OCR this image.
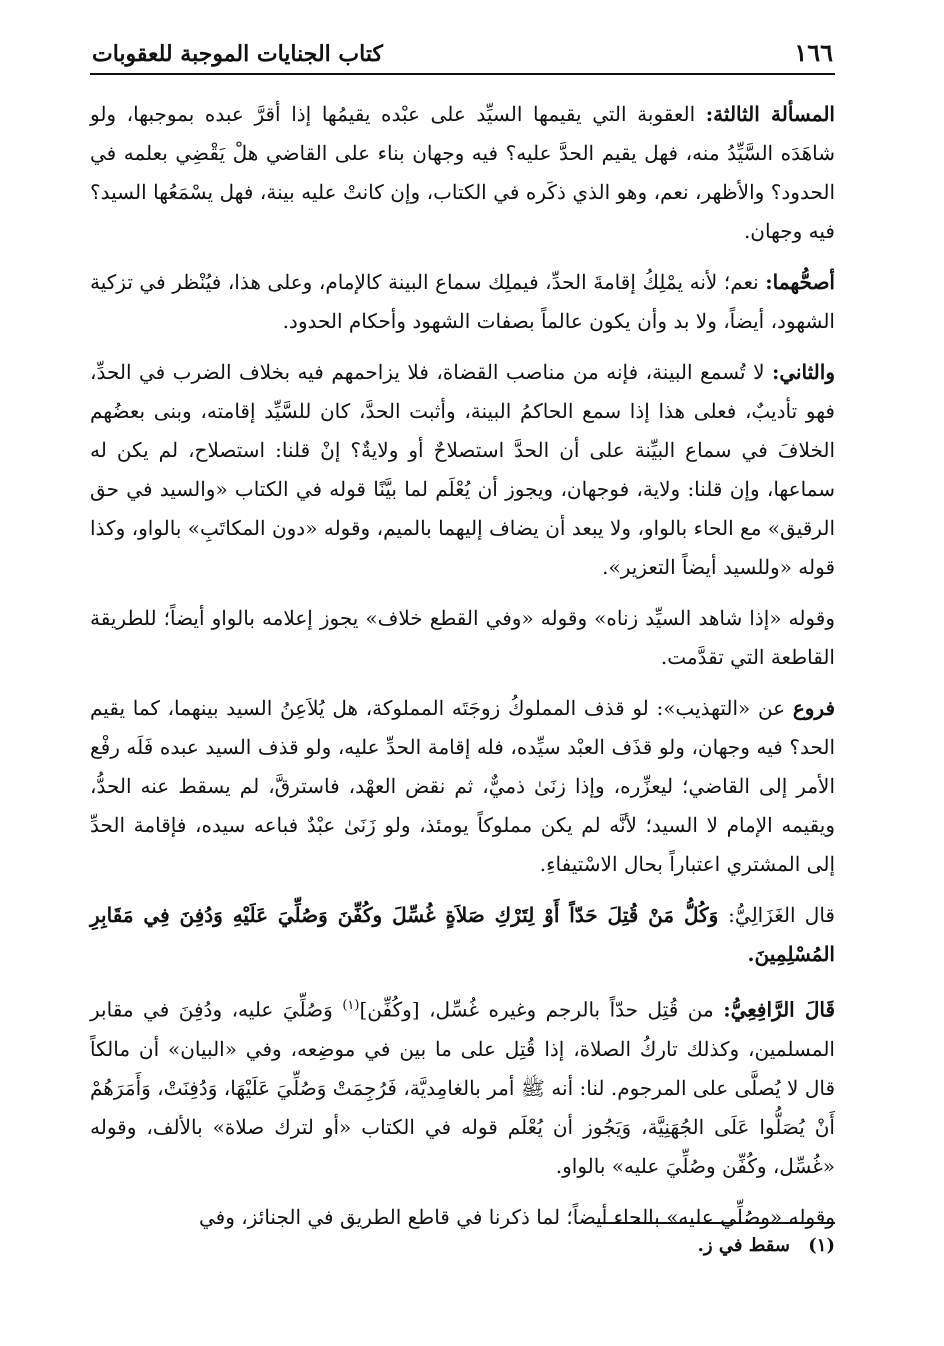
١٦٦
كتاب الجنايات الموجبة للعقوبات

المسألة الثالثة: العقوبة التي يقيمها السيِّد على عبْده يقيمُها إذا أقرَّ عبده بموجبها، ولو شاهَدَه السَّيِّدُ منه، فهل يقيم الحدَّ عليه؟ فيه وجهان بناء على القاضي هلْ يَقْضِي بعلمه في الحدود؟ والأظهر، نعم، وهو الذي ذكَره في الكتاب، وإن كانتْ عليه بينة، فهل يسْمَعُها السيد؟ فيه وجهان.

أصحُّهما: نعم؛ لأنه يمْلِكُ إقامةَ الحدِّ، فيملِك سماع البينة كالإمام، وعلى هذا، فيُنْظر في تزكية الشهود، أيضاً، ولا بد وأن يكون عالماً بصفات الشهود وأحكام الحدود.

والثاني: لا تُسمع البينة، فإنه من مناصب القضاة، فلا يزاحمهم فيه بخلاف الضرب في الحدِّ، فهو تأديبٌ، فعلى هذا إذا سمع الحاكمُ البينة، وأثبت الحدَّ، كان للسَّيِّد إقامته، وبنى بعضُهم الخلافَ في سماع البيِّنة على أن الحدَّ استصلاحٌ أو ولايةٌ؟ إنْ قلنا: استصلاح، لم يكن له سماعها، وإن قلنا: ولاية، فوجهان، ويجوز أن يُعْلَم لما بيَّنًا قوله في الكتاب «والسيد في حق الرقيق» مع الحاء بالواو، ولا يبعد أن يضاف إليهما بالميم، وقوله «دون المكاتَبِ» بالواو، وكذا قوله «وللسيد أيضاً التعزير».

وقوله «إذا شاهد السيِّد زناه» وقوله «وفي القطع خلاف» يجوز إعلامه بالواو أيضاً؛ للطريقة القاطعة التي تقدَّمت.

فروع عن «التهذيب»: لو قذف المملوكُ زوجَتَه المملوكة، هل يُلاَعِنُ السيد بينهما، كما يقيم الحد؟ فيه وجهان، ولو قذَف العبْد سيِّده، فله إقامة الحدِّ عليه، ولو قذف السيد عبده فَلَه رفْع الأمر إلى القاضي؛ ليعزِّره، وإذا زنَىٰ ذميٌّ، ثم نقض العهْد، فاسترقَّ، لم يسقط عنه الحدُّ، ويقيمه الإمام لا السيد؛ لأنَّه لم يكن مملوكاً يومئذ، ولو زَنَىٰ عبْدٌ فباعه سيده، فإقامة الحدِّ إلى المشتري اعتباراً بحال الاسْتيفاءِ.

قال الغَزَالِيُّ: وَكُلُّ مَنْ قُتِلَ حَدّاً أَوْ لِتَرْكِ صَلاَةٍ غُسِّلَ وكُفِّنَ وَصُلِّيَ عَلَيْهِ وَدُفِنَ فِي مَقَابِرِ المُسْلِمِينَ.

قَالَ الرَّافِعِيُّ: من قُتِل حدّاً بالرجم وغيره غُسِّل، [وكُفِّن]$^{(١)}$ وَصُلِّيَ عليه، ودُفِنَ في مقابر المسلمين، وكذلك تاركُ الصلاة، إذا قُتِل على ما بين في موضِعه، وفي «البيان» أن مالكاً قال لا يُصلَّى على المرجوم. لنا: أنه ﷺ أمر بالغامِديَّة، فَرُجِمَتْ وَصُلِّيَ عَلَيْهَا، وَدُفِنَتْ، وَأَمَرَهُمْ أَنْ يُصَلُّوا عَلَى الجُهَنِيَّة، وَيَجُوز أن يُعْلَم قوله في الكتاب «أو لترك صلاة» بالألف، وقوله «غُسِّل، وكُفِّن وصُلِّيَ عليه» بالواو.

وقوله «وصُلِّي عليه» بالحاء أيضاً؛ لما ذكرنا في قاطع الطريق في الجنائز، وفي

(١) سقط في ز.
